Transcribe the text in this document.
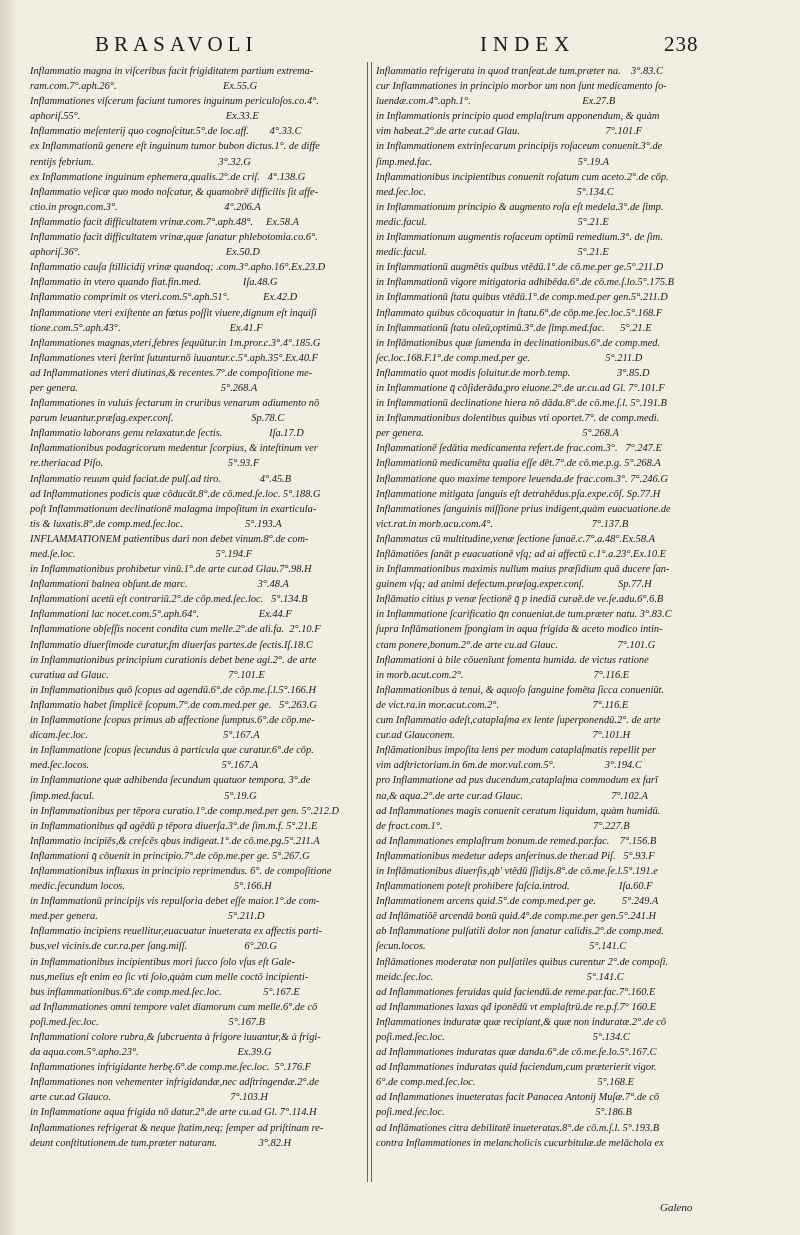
BRASAVOLI	INDEX	238
Inflammatio magna in viſceribus facit frigiditatem partium extrema-
ram.com.7°.aph.26°.                                         Ex.55.G
Inflammationes viſcerum faciunt tumores inguinum periculoſos.co.4°.
aphoriſ.55°.                                                        Ex.33.E
Inflammatio meſenterij quo cognoſcitur.5°.de loc.aff.        4°.33.C
ex Inflammationū genere eſt inguinum tumor bubon dictus.1°. de diffe
rentijs febrium.                                                3°.32.G
ex Inflammatione inguinum ephemera,qualis.2°.de criſ.   4°.138.G
Inflammatio veſicæ quo modo noſcatur, & quamobrē difficilis ſit affe-
ctio.in progn.com.3°.                                         4°.206.A
Inflammatio facit difficultatem vrinæ.com.7°.aph.48°.     Ex.58.A
Inflammatio facit difficultatem vrinæ,quæ ſanatur phlebotomia.co.6°.
aphoriſ.36°.                                                        Ex.50.D
Inflammatio cauſa ſtillicidij vrinæ quandoq; .com.3°.apho.16°.Ex.23.D
Inflammatio in vtero quando fiat.fin.med.                Iſa.48.G
Inflammatio comprimit os vteri.com.5°.aph.51°.             Ex.42.D
Inflammatione vteri exiſtente an fœtus poſſit viuere,dignum eſt inquiſi
tione.com.5°.aph.43°.                                          Ex.41.F
Inflammationes magnas,vteri,febres ſequūtur.in 1m.pror.c.3°.4°.185.G
Inflammationes vteri ſterīnt ſutunturnō iuuantur.c.5°.aph.35°.Ex.40.F
ad Inflammationes vteri diutinas,& recentes.7°.de compoſitione me-
per genera.                                                       5°.268.A
Inflammationes in vuluis ſectarum in cruribus venarum adiumento nō
parum leuantur.præſag.exper.conſ.                              Sp.78.C
Inflammatio laborans genu relaxatur.de ſectis.                  Iſa.17.D
Inflammationibus podagricorum medentur ſcorpius, & inteſtinum ver
re.theriacad Piſo.                                                5°.93.F
Inflammatio reuum quid faciat.de pulſ.ad tiro.               4°.45.B
ad Inflammationes podicis quæ cōducāt.8°.de cō.med.ſe.loc. 5°.188.G
poſt Inflammationum declinationē malagma impoſitum in exarticula-
tis & luxatis.8°.de comp.med.ſec.loc.                        5°.193.A
INFLAMMATIONEM patientibus dari non debet vinum.8°.de com-
med.ſe.loc.                                                      5°.194.F
in Inflammationibus prohibetur vinū.1°.de arte cur.ad Glau.7°.98.H
Inflammationi balnea obſunt.de marc.                           3°.48.A
Inflammationi acetū eſt contrariū.2°.de cōp.med.ſec.loc.   5°.134.B
Inflammationi lac nocet.com.5°.aph.64°.                       Ex.44.F
Inflammatione obſeſſis nocent condita cum melle.2°.de ali.fa.  2°.10.F
Inflammatio diuerſimode curatur,ſm diuerſas partes.de ſectis.Iſ.18.C
in Inflammationibus principium curationis debet bene agi.2°. de arte
curatiua ad Glauc.                                              7°.101.E
in Inflammationibus quō ſcopus ad agendū.6°.de cōp.me.ſ.l.5°.166.H
Inflammatio habet ſimplicē ſcopum.7°.de com.med.per ge.   5°.263.G
in Inflammatione ſcopus primus ab affectione ſumptus.6°.de cōp.me-
dicam.ſec.loc.                                                    5°.167.A
in Inflammatione ſcopus ſecundus à particula que curatur.6°.de cōp.
med.ſec.locos.                                                   5°.167.A
in Inflammatione quæ adhibenda ſecundum quatuor tempora. 3°.de
ſimp.med.facul.                                                  5°.19.G
in Inflammationibus per tēpora curatio.1°.de comp.med.per gen. 5°.212.D
in Inflammationibus qđ agēdū p tēpora diuerſa.3°.de ſim.m.f. 5°.21.E
Inflammatio incipiēs,& creſcēs qbus indigeat.1°.de cō.me.pg.5°.211.A
Inflammationi q̄ cōuenit in principio.7°.de cōp.me.per ge. 5°.267.G
Inflammationibus influxus in principio reprimendus. 6°. de compoſitione
medic.ſecundum locos.                                          5°.166.H
in Inflammationū principijs vis repulſoria debet eſſe maior.1°.de com-
med.per genera.                                                  5°.211.D
Inflammatio incipiens reuellitur,euacuatur inueterata ex affectis parti-
bus,vel vicinis.de cur.ra.per ſang.miſſ.                      6°.20.G
in Inflammationibus incipientibus mori ſucco ſolo vſus eſt Gale-
nus,melius eſt enim eo ſic vti ſolo,quàm cum melle coctō incipienti-
bus inflammationibus.6°.de comp.med.ſec.loc.                5°.167.E
ad Inflammationes omni tempore valet diamorum cum melle.6°.de cō
poſi.med.ſec.loc.                                                  5°.167.B
Inflammationi colore rubra,& ſubcruenta à frigore iuuantur,& à frigi-
da aqua.com.5°.apho.23°.                                      Ex.39.G
Inflammationes infrigidante herbę.6°.de comp.me.ſec.loc.  5°.176.F
Inflammationes non vehementer infrigidandæ,nec adſtringendæ.2°.de
arte cur.ad Glauco.                                              7°.103.H
in Inflammatione aqua frigida nō datur.2°.de arte cu.ad Gl. 7°.114.H
Inflammationes refrigerat & neque ſtatim,neq; ſemper ad priſtinam re-
deunt conſtitutionem.de tum.præter naturam.                3°.82.H
Inflammatio refrigerata in quod tranſeat.de tum.præter na.    3°.83.C
cur Inflammationes in principio morbor um non ſunt medicamento ſo-
luendæ.com.4°.aph.1°.                                           Ex.27.B
in Inflammationis principio quod emplaſtrum apponendum, & quàm
vim habeat.2°.de arte cur.ad Glau.                                 7°.101.F
in Inflammationem extrinſecarum principijs roſaceum conuenit.3°.de
ſimp.med.fac.                                                        5°.19.A
Inflammationibus incipientibus conuenit roſatum cum aceto.2°.de cōp.
med.ſec.loc.                                                          5°.134.C
in Inflammationum principio & augmento roſa eſt medela.3°.de ſimp.
medic.facul.                                                          5°.21.E
in Inflammationum augmentis roſaceum optimū remedium.3°. de ſim.
medic.facul.                                                          5°.21.E
in Inflammationū augmētis quibus vtēdū.1°.de cō.me.per ge.5°.211.D
in Inflammationū vigore mitigatoria adhibēda.6°.de cō.me.ſ.lo.5°.175.B
in Inflammationū ſtatu quibus vtēdū.1°.de comp.med.per gen.5°.211.D
Inflammato quibus cōcoquatur in ſtatu.6°.de cōp.me.ſec.loc.5°.168.F
in Inflammationū ſtatu oleū,optimū.3°.de ſimp.med.fac.      5°.21.E
in Inflāmationibus quæ ſumenda in declinationibus.6°.de comp.med.
ſec.loc.168.F.1°.de comp.med.per ge.                             5°.211.D
Inflammatio quot modis ſoluitur.de morb.temp.                  3°.85.D
in Inflammatione q̄ cōſiderāda,pro eiuone.2°.de ar.cu.ad Gl. 7°.101.F
in Inflammationū declinatione hiera nō dāda.8°.de cō.me.ſ.l. 5°.191.B
in Inflammationibus dolentibus quibus vti oportet.7°. de comp.medi.
per genera.                                                             5°.268.A
Inflammationē ſedātia medicamenta refert.de frac.com.3°.   7°.247.E
Inflammationū medicamēta qualia eſſe dēt.7°.de cō.me.p.g. 5°.268.A
Inflammatione quo maxime tempore leuenda.de frac.com.3°. 7°.246.G
Inflammatione mitigata ſanguis eſt detrahēdus.pſa.expe.cōſ. Sp.77.H
Inflammationes ſanguinis miſſione prius indigent,quàm euacuatione.de
vict.rat.in morb.acu.com.4°.                                      7°.137.B
Inflammatus cū multitudine,venæ ſectione ſanaē.c.7°.a.48°.Ex.58.A
Inflāmatiōes ſanāt p euacuationē vſq; ad ai affectū c.1°.a.23°.Ex.10.E
in Inflammationibus maximis nullum maius præſidium quā ducere ſan-
guinem vſq; ad animi defectum.præſag.exper.conſ.             Sp.77.H
Inflāmatio citius p venæ ſectionē q̄ p inediā curaē.de ve.ſe.adu.6°.6.B
in Inflammatione ſcarificatio q̄n conueniat.de tum.præter natu. 3°.83.C
ſupra Inflāmationem ſpongiam in aqua frigida & aceto modico intin-
ctam ponere,bonum.2°.de arte cu.ad Glauc.                       7°.101.G
Inflammationi à bile cōuenīunt fomenta humida. de victus ratione
in morb.acut.com.2°.                                                  7°.116.E
Inflammationibus à tenui, & aquoſo ſanguine fomēta ſicca conueniūt.
de vict.ra.in mor.acut.com.2°.                                    7°.116.E
cum Inflammatio adeſt,cataplaſma ex lente ſuperponendū.2°. de arte
cur.ad Glauconem.                                                     7°.101.H
Inflāmationibus impoſita lens per modum cataplaſmatis repellit per
vim adſtrictoriam.in 6m.de mor.vul.com.5°.                   3°.194.C
pro Inflammatione ad pus ducendum,cataplaſma commodum ex farī
na,& aqua.2°.de arte cur.ad Glauc.                                  7°.102.A
ad Inflammationes magis conuenit ceratum liquidum, quàm humidū.
de fract.com.1°.                                                          7°.227.B
ad Inflammationes emplaſtrum bonum.de remed.par.fac.    7°.156.B
Inflammationibus medetur adeps anſerinus.de ther.ad Piſ.   5°.93.F
in Inflāmationibus diuerſis,qb' vtēdū ſſidijs.8°.de cō.me.ſe.l.5°.191.e
Inflammationem poteſt prohibere faſcia.introd.                   Iſa.60.F
Inflammationem arcens quid.5°.de comp.med.per ge.          5°.249.A
ad Inflāmatiōē arcendā bonū quid.4°.de comp.me.per gen.5°.241.H
ab Inflammatione pulſatili dolor non ſanatur calidis.2°.de comp.med.
ſecun.locos.                                                               5°.141.C
Inflāmationes moderatæ non pulſatiles quibus curentur 2°.de compoſi.
meidc.ſec.loc.                                                           5°.141.C
ad Inflammationes feruidas quid faciendū.de reme.par.fac.7°.160.E
ad Inflammationes laxas qđ iponēdū vt emplaſtrū.de re.p.f.7° 160.E
Inflammationes induratæ quæ recipiant,& quæ non induratæ.2°.de cō
poſi.med.ſec.loc.                                                         5°.134.C
ad Inflammationes induratas quæ danda.6°.de cō.me.ſe.lo.5°.167.C
ad Inflammationes induratas quid faciendum,cum præterierit vigor.
6°.de comp.med.ſec.loc.                                               5°.168.E
ad Inflammationes inueteratas facit Panacea Antonij Muſæ.7°.de cō
poſi.med.ſec.loc.                                                          5°.186.B
ad Inflāmationes citra debilitatē inueteratas.8°.de cō.m.ſ.l. 5°.193.B
contra Inflammationes in melancholicis cucurbitulæ.de melāchola ex
Galeno
